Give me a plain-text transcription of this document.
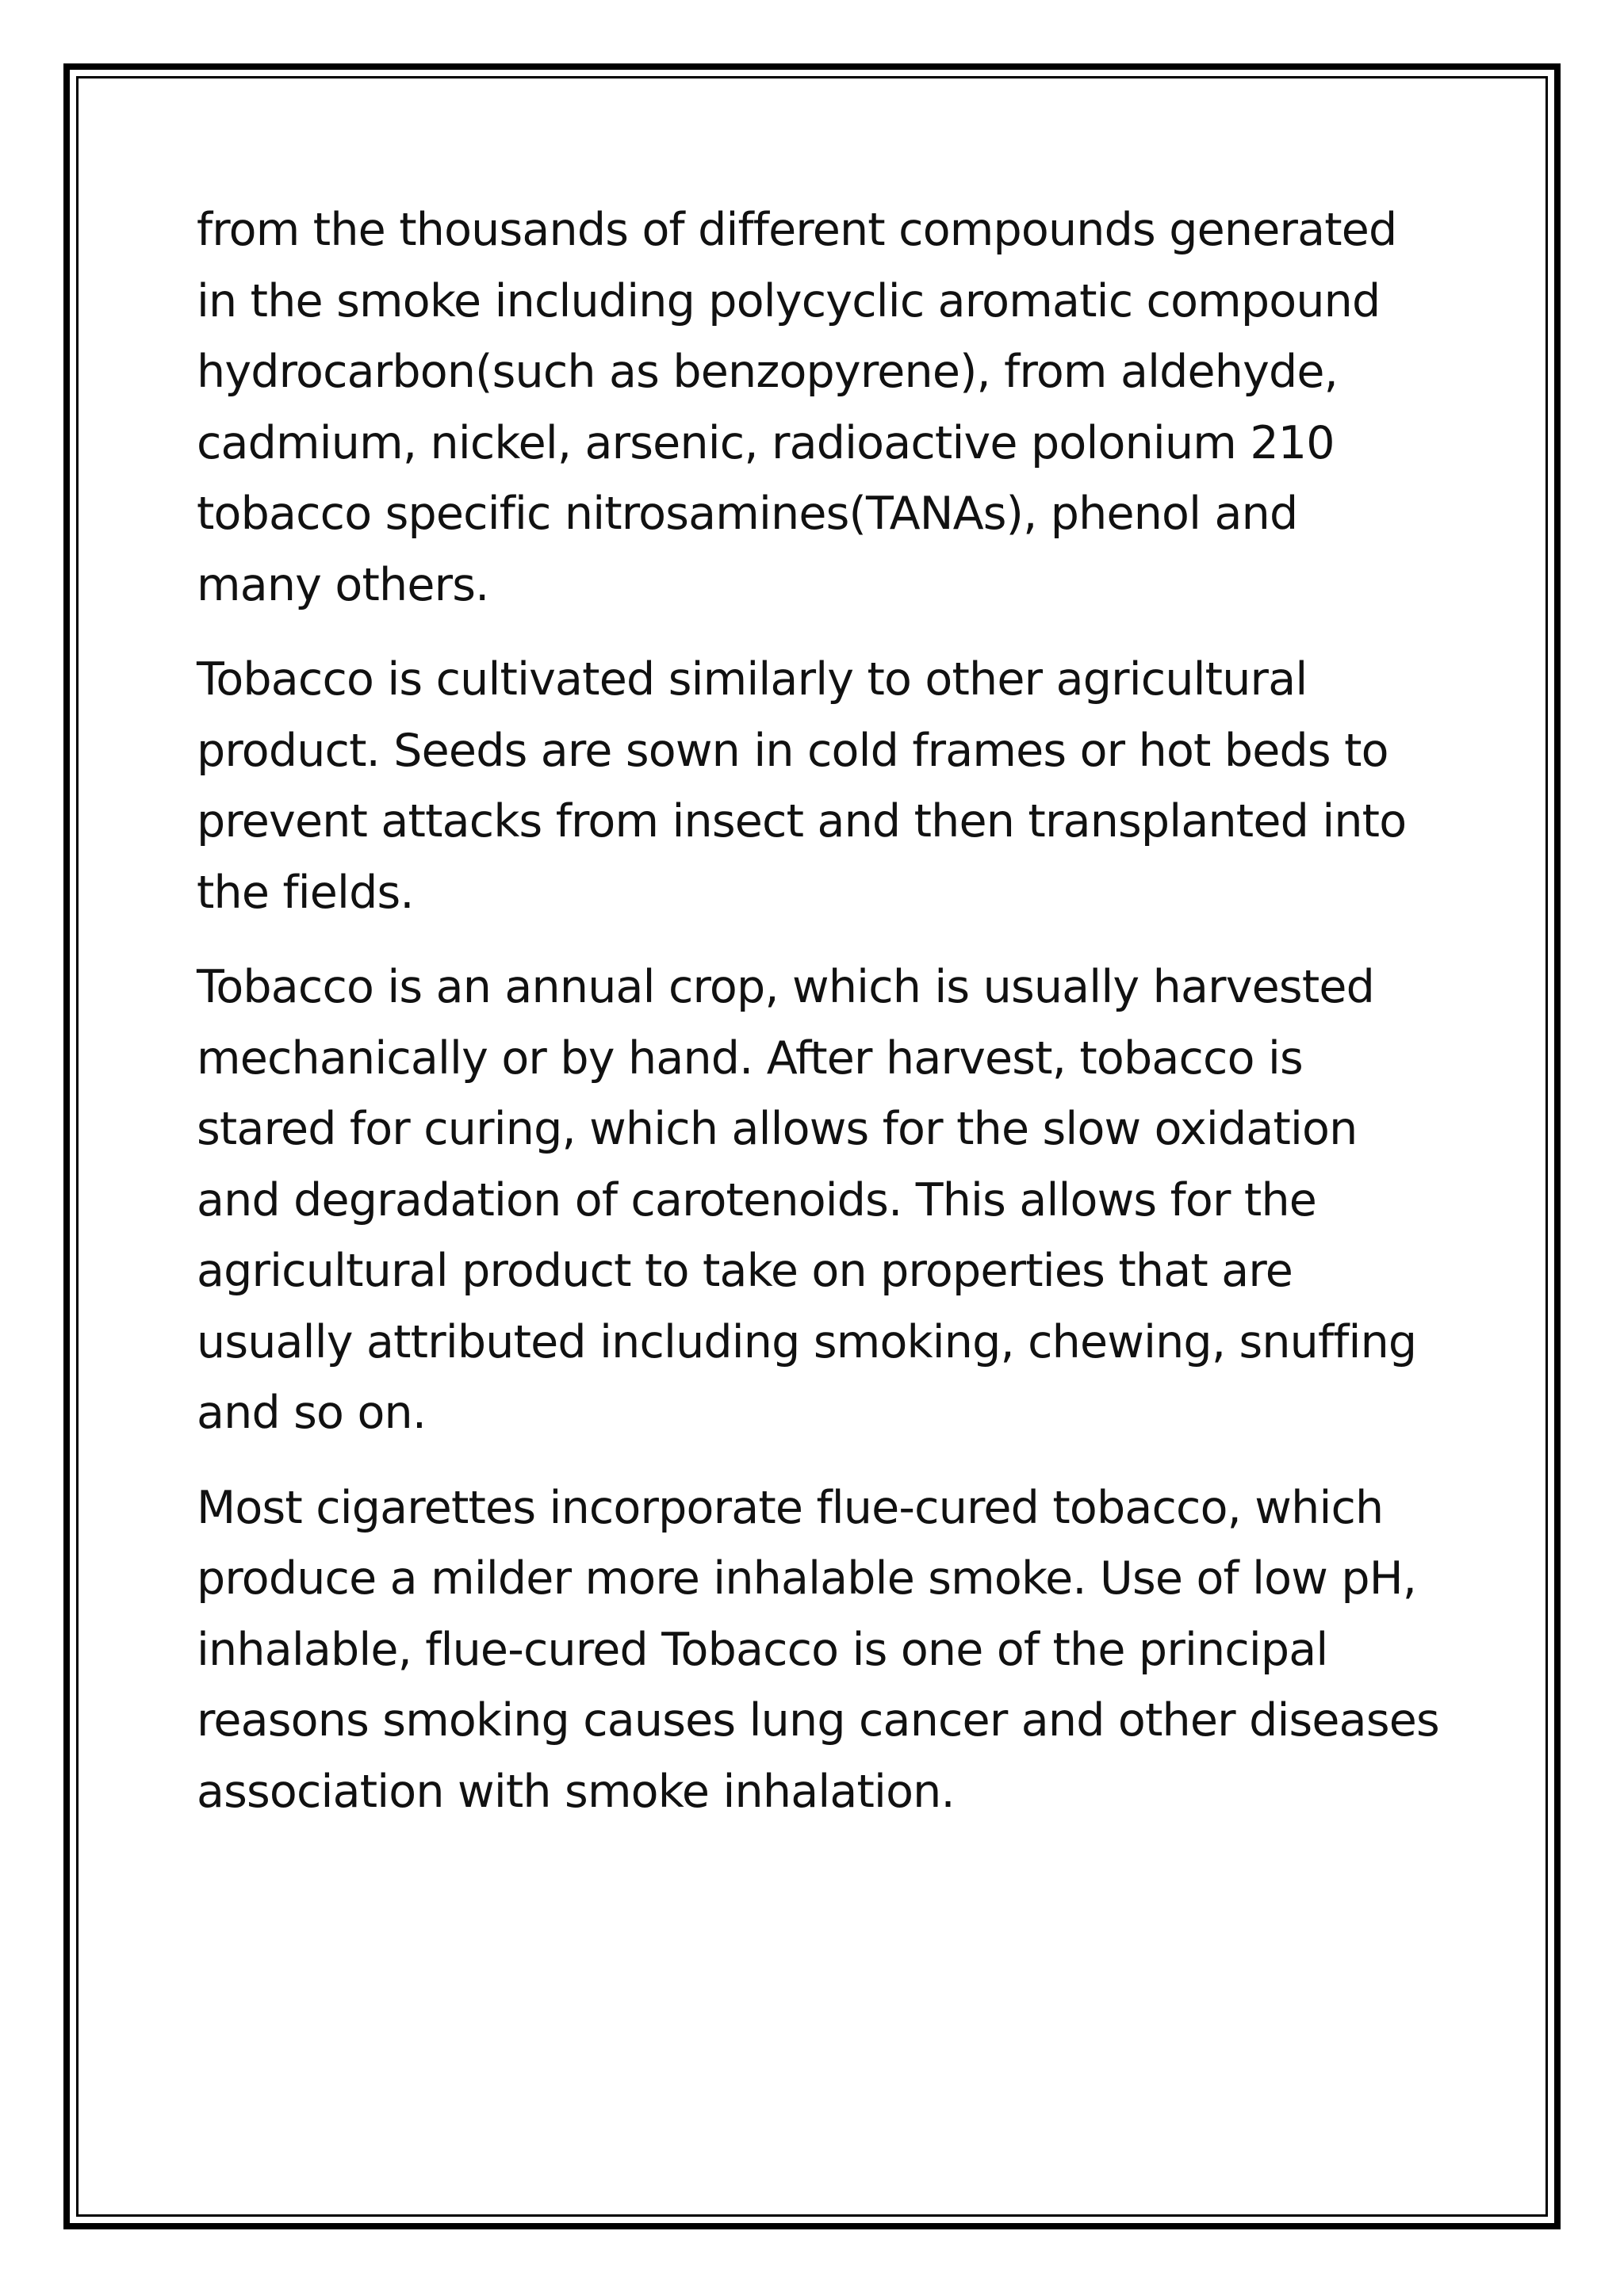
from the thousands of different compounds generated
in the smoke including polycyclic aromatic compound
hydrocarbon(such as benzopyrene), from aldehyde,
cadmium, nickel, arsenic, radioactive polonium 210
tobacco specific nitrosamines(TANAs), phenol and
many others.

Tobacco is cultivated similarly to other agricultural
product. Seeds are sown in cold frames or hot beds to
prevent attacks from insect and then transplanted into
the fields.

Tobacco is an annual crop, which is usually harvested
mechanically or by hand. After harvest, tobacco is
stared for curing, which allows for the slow oxidation
and degradation of carotenoids. This allows for the
agricultural product to take on properties that are
usually attributed including smoking, chewing, snuffing
and so on.

Most cigarettes incorporate flue-cured tobacco, which
produce a milder more inhalable smoke. Use of low pH,
inhalable, flue-cured Tobacco is one of the principal
reasons smoking causes lung cancer and other diseases
association with smoke inhalation.
